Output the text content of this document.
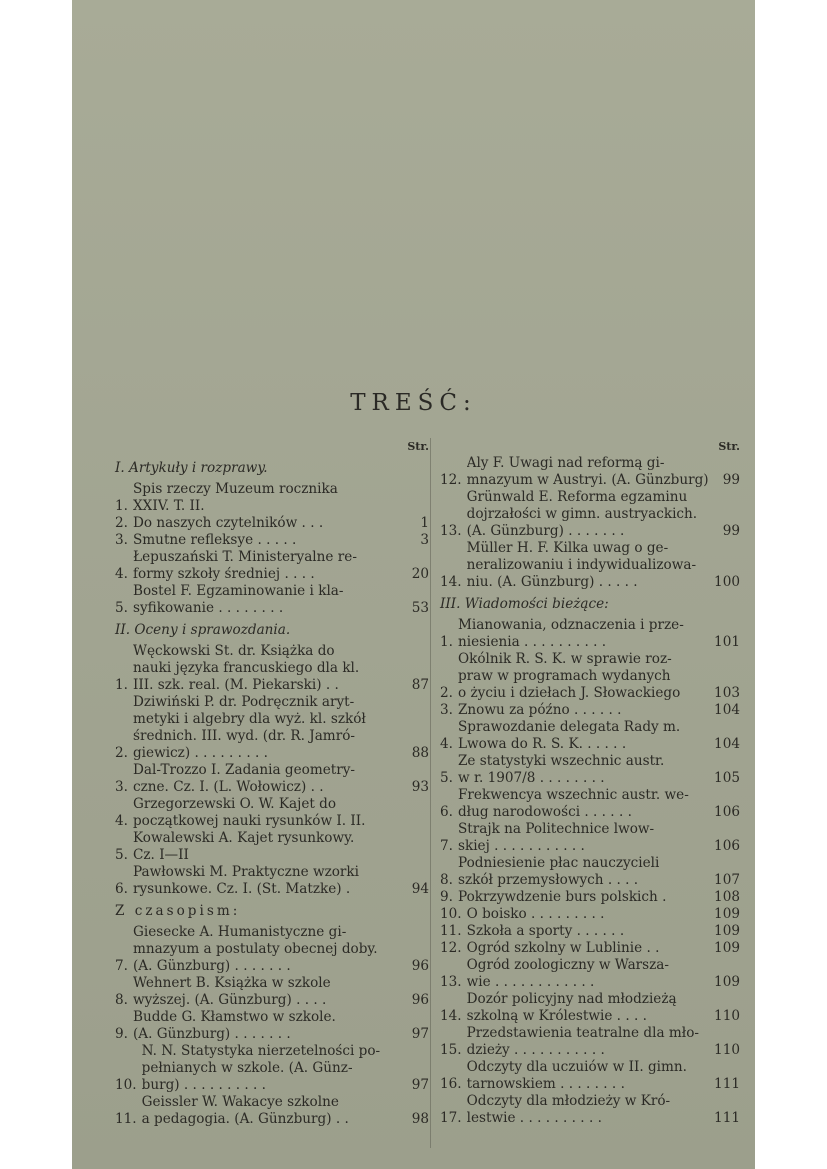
TREŚĆ:
Str.
I. Artykuły i rozprawy.
1.
Spis rzeczy Muzeum rocznika
XXIV. T. II.
2. Do naszych czytelników . . .	1
3. Smutne refleksye . . . . .	3
4.
Łepuszański T. Ministeryalne re-
formy szkoły średniej . . . .	20
5.
Bostel F. Egzaminowanie i kla-
syfikowanie . . . . . . . .	53
II. Oceny i sprawozdania.
1.
Węckowski St. dr. Książka do
nauki języka francuskiego dla kl.
III. szk. real. (M. Piekarski) . .	87
2.
Dziwiński P. dr. Podręcznik aryt-
metyki i algebry dla wyż. kl. szkół
średnich. III. wyd. (dr. R. Jamró-
giewicz) . . . . . . . . .	88
3.
Dal-Trozzo I. Zadania geometry-
czne. Cz. I. (L. Wołowicz) . .	93
4.
Grzegorzewski O. W. Kajet do
początkowej nauki rysunków I. II.
5.
Kowalewski A. Kajet rysunkowy.
Cz. I—II
6.
Pawłowski M. Praktyczne wzorki
rysunkowe. Cz. I. (St. Matzke) .	94
Z czasopism:
7.
Giesecke A. Humanistyczne gi-
mnazyum a postulaty obecnej doby.
(A. Günzburg) . . . . . . .	96
8.
Wehnert B. Książka w szkole
wyższej. (A. Günzburg) . . . .	96
9.
Budde G. Kłamstwo w szkole.
(A. Günzburg) . . . . . . .	97
10.
N. N. Statystyka nierzetelności po-
pełnianych w szkole. (A. Günz-
burg) . . . . . . . . . .	97
11.
Geissler W. Wakacye szkolne
a pedagogia. (A. Günzburg) . .	98
Str.
12.
Aly F. Uwagi nad reformą gi-
mnazyum w Austryi. (A. Günzburg)	99
13.
Grünwald E. Reforma egzaminu
dojrzałości w gimn. austryackich.
(A. Günzburg) . . . . . . .	99
14.
Müller H. F. Kilka uwag o ge-
neralizowaniu i indywidualizowa-
niu. (A. Günzburg) . . . . .	100
III. Wiadomości bieżące:
1.
Mianowania, odznaczenia i prze-
niesienia . . . . . . . . . .	101
2.
Okólnik R. S. K. w sprawie roz-
praw w programach wydanych
o życiu i dziełach J. Słowackiego 103
3. Znowu za późno . . . . . .	104
4.
Sprawozdanie delegata Rady m.
Lwowa do R. S. K. . . . . .	104
5.
Ze statystyki wszechnic austr.
w r. 1907/8 . . . . . . . .	105
6.
Frekwencya wszechnic austr. we-
dług narodowości . . . . . .	106
7.
Strajk na Politechnice lwow-
skiej . . . . . . . . . . .	106
8.
Podniesienie płac nauczycieli
szkół przemysłowych . . . .	107
9. Pokrzywdzenie burs polskich .	108
10. O boisko . . . . . . . . .	109
11. Szkoła a sporty . . . . . .	109
12. Ogród szkolny w Lublinie . .	109
13.
Ogród zoologiczny w Warsza-
wie . . . . . . . . . . . .	109
14.
Dozór policyjny nad młodzieżą
szkolną w Królestwie . . . .	110
15.
Przedstawienia teatralne dla mło-
dzieży . . . . . . . . . . .	110
16.
Odczyty dla uczuiów w II. gimn.
tarnowskiem . . . . . . . .	111
17.
Odczyty dla młodzieży w Kró-
lestwie . . . . . . . . . .	111
